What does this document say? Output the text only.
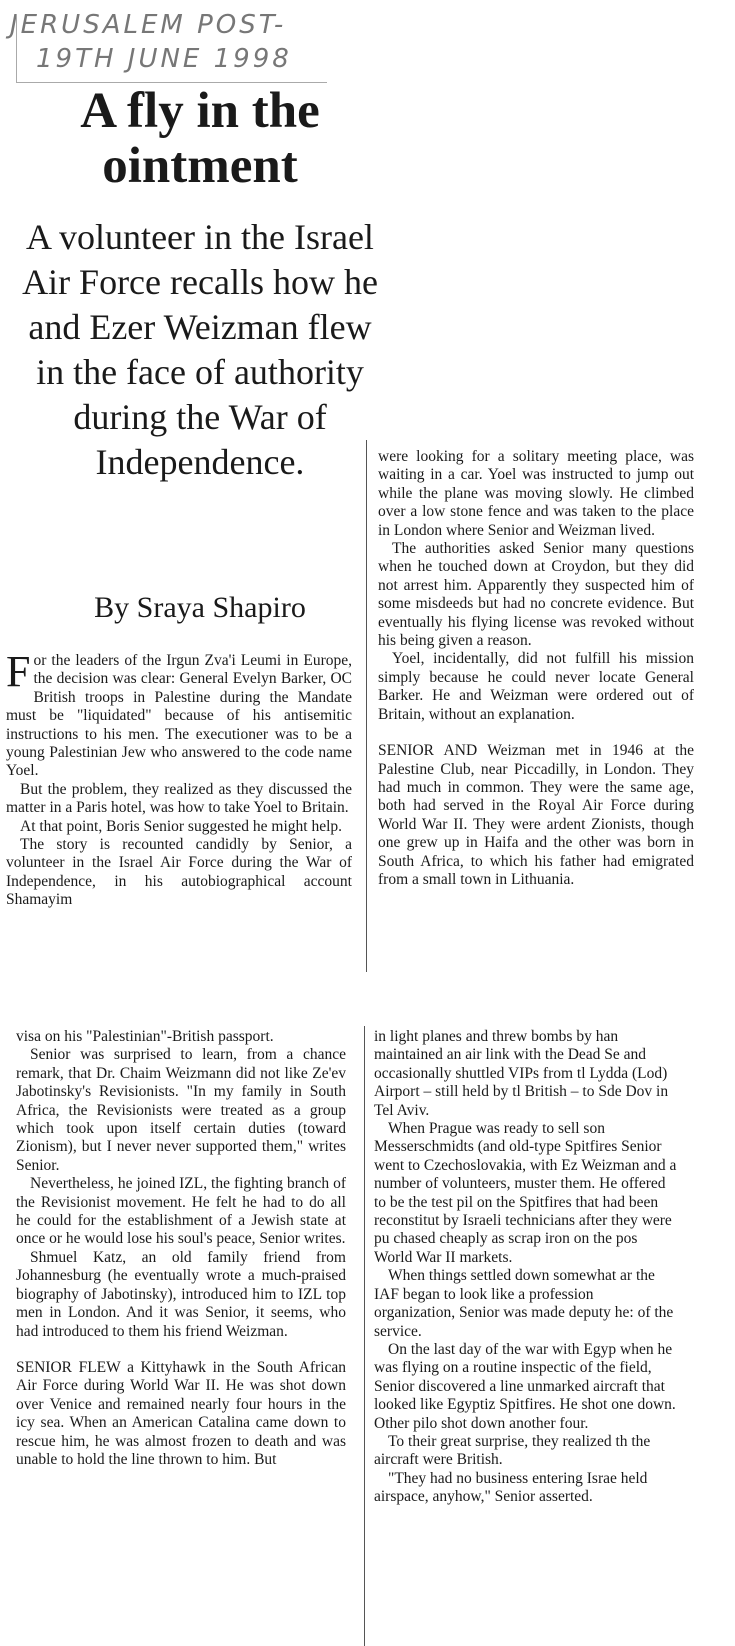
JERUSALEM POST-
19TH JUNE 1998
A fly in the ointment
A volunteer in the Israel Air Force recalls how he and Ezer Weizman flew in the face of authority during the War of Independence.
By Sraya Shapiro

For the leaders of the Irgun Zva'i Leumi in Europe, the decision was clear: General Evelyn Barker, OC British troops in Palestine during the Mandate must be "liquidated" because of his antisemitic instructions to his men. The executioner was to be a young Palestinian Jew who answered to the code name Yoel.

But the problem, they realized as they discussed the matter in a Paris hotel, was how to take Yoel to Britain.

At that point, Boris Senior suggested he might help.

The story is recounted candidly by Senior, a volunteer in the Israel Air Force during the War of Independence, in his autobiographical account Shamayim

were looking for a solitary meeting place, was waiting in a car. Yoel was instructed to jump out while the plane was moving slowly. He climbed over a low stone fence and was taken to the place in London where Senior and Weizman lived.

The authorities asked Senior many questions when he touched down at Croydon, but they did not arrest him. Apparently they suspected him of some misdeeds but had no concrete evidence. But eventually his flying license was revoked without his being given a reason.

Yoel, incidentally, did not fulfill his mission simply because he could never locate General Barker. He and Weizman were ordered out of Britain, without an explanation.

SENIOR AND Weizman met in 1946 at the Palestine Club, near Piccadilly, in London. They had much in common. They were the same age, both had served in the Royal Air Force during World War II. They were ardent Zionists, though one grew up in Haifa and the other was born in South Africa, to which his father had emigrated from a small town in Lithuania.

visa on his "Palestinian"-British passport.

Senior was surprised to learn, from a chance remark, that Dr. Chaim Weizmann did not like Ze'ev Jabotinsky's Revisionists. "In my family in South Africa, the Revisionists were treated as a group which took upon itself certain duties (toward Zionism), but I never never supported them," writes Senior.

Nevertheless, he joined IZL, the fighting branch of the Revisionist movement. He felt he had to do all he could for the establishment of a Jewish state at once or he would lose his soul's peace, Senior writes.

Shmuel Katz, an old family friend from Johannesburg (he eventually wrote a much-praised biography of Jabotinsky), introduced him to IZL top men in London. And it was Senior, it seems, who had introduced to them his friend Weizman.

SENIOR FLEW a Kittyhawk in the South African Air Force during World War II. He was shot down over Venice and remained nearly four hours in the icy sea. When an American Catalina came down to rescue him, he was almost frozen to death and was unable to hold the line thrown to him. But

in light planes and threw bombs by han

maintained an air link with the Dead Se and occasionally shuttled VIPs from tl Lydda (Lod) Airport – still held by tl British – to Sde Dov in Tel Aviv.

When Prague was ready to sell son Messerschmidts (and old-type Spitfires Senior went to Czechoslovakia, with Ez Weizman and a number of volunteers, muster them. He offered to be the test pil on the Spitfires that had been reconstitut by Israeli technicians after they were pu chased cheaply as scrap iron on the pos World War II markets.

When things settled down somewhat ar the IAF began to look like a profession organization, Senior was made deputy he: of the service.

On the last day of the war with Egyp when he was flying on a routine inspectic of the field, Senior discovered a line unmarked aircraft that looked like Egyptiz Spitfires. He shot one down. Other pilo shot down another four.

To their great surprise, they realized th the aircraft were British.

"They had no business entering Israe held airspace, anyhow," Senior asserted.
